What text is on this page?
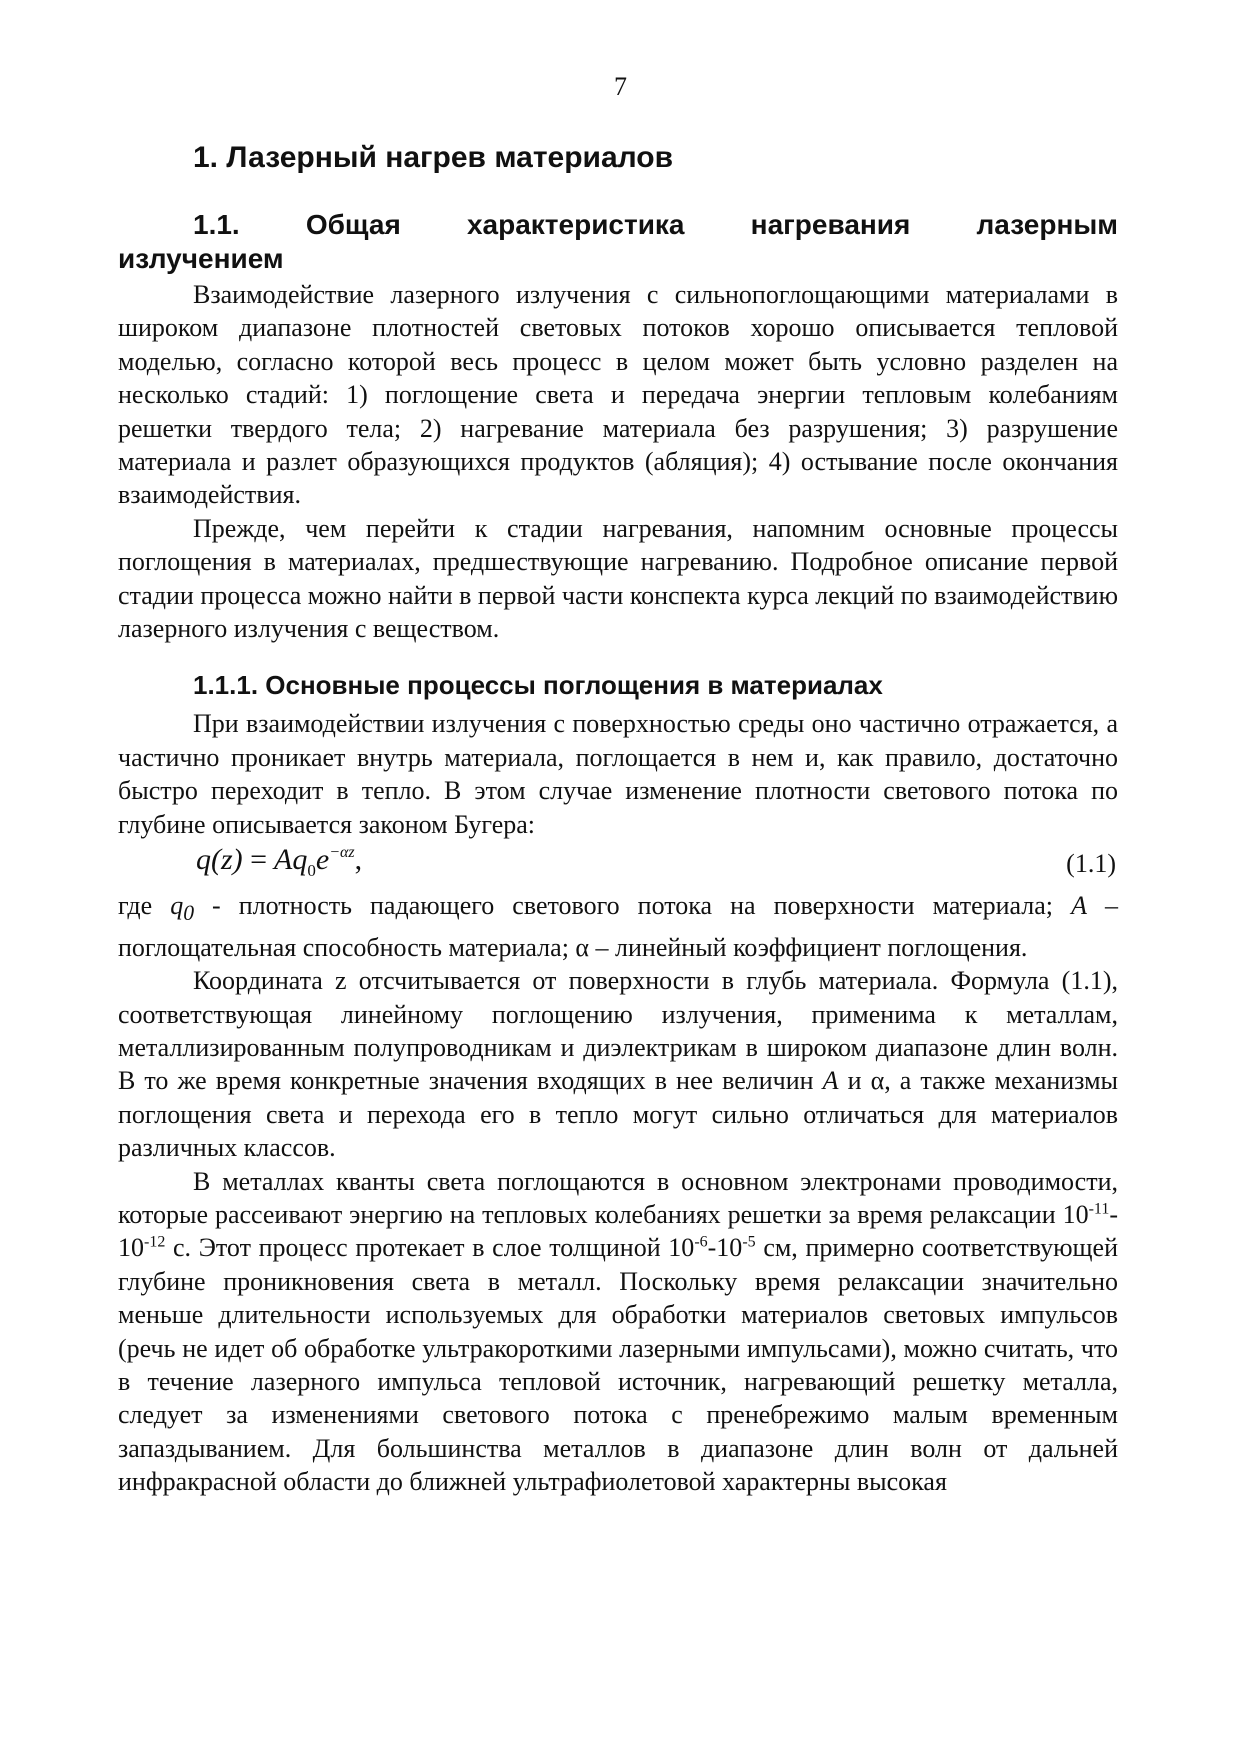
7
1. Лазерный нагрев материалов
1.1. Общая характеристика нагревания лазерным
излучением

Взаимодействие лазерного излучения с сильнопоглощающими материалами в широком диапазоне плотностей световых потоков хорошо описывается тепловой моделью, согласно которой весь процесс в целом может быть условно разделен на несколько стадий: 1) поглощение света и передача энергии тепловым колебаниям решетки твердого тела; 2) нагревание материала без разрушения; 3) разрушение материала и разлет образующихся продуктов (абляция); 4) остывание после окончания взаимодействия.

Прежде, чем перейти к стадии нагревания, напомним основные процессы поглощения в материалах, предшествующие нагреванию. Подробное описание первой стадии процесса можно найти в первой части конспекта курса лекций по взаимодействию лазерного излучения с веществом.

1.1.1. Основные процессы поглощения в материалах

При взаимодействии излучения с поверхностью среды оно частично отражается, а частично проникает внутрь материала, поглощается в нем и, как правило, достаточно быстро переходит в тепло. В этом случае изменение плотности светового потока по глубине описывается законом Бугера:

$q(z) = Aq_0e^{-\alpha z}$,	(1.1)

где $q_0$ - плотность падающего светового потока на поверхности материала; A – поглощательная способность материала; α – линейный коэффициент поглощения.

Координата z отсчитывается от поверхности в глубь материала. Формула (1.1), соответствующая линейному поглощению излучения, применима к металлам, металлизированным полупроводникам и диэлектрикам в широком диапазоне длин волн. В то же время конкретные значения входящих в нее величин A и α, а также механизмы поглощения света и перехода его в тепло могут сильно отличаться для материалов различных классов.

В металлах кванты света поглощаются в основном электронами проводимости, которые рассеивают энергию на тепловых колебаниях решетки за время релаксации $10^{-11}-10^{-12}$ с. Этот процесс протекает в слое толщиной $10^{-6}-10^{-5}$ см, примерно соответствующей глубине проникновения света в металл. Поскольку время релаксации значительно меньше длительности используемых для обработки материалов световых импульсов (речь не идет об обработке ультракороткими лазерными импульсами), можно считать, что в течение лазерного импульса тепловой источник, нагревающий решетку металла, следует за изменениями светового потока с пренебрежимо малым временным запаздыванием. Для большинства металлов в диапазоне длин волн от дальней инфракрасной области до ближней ультрафиолетовой характерны высокая
